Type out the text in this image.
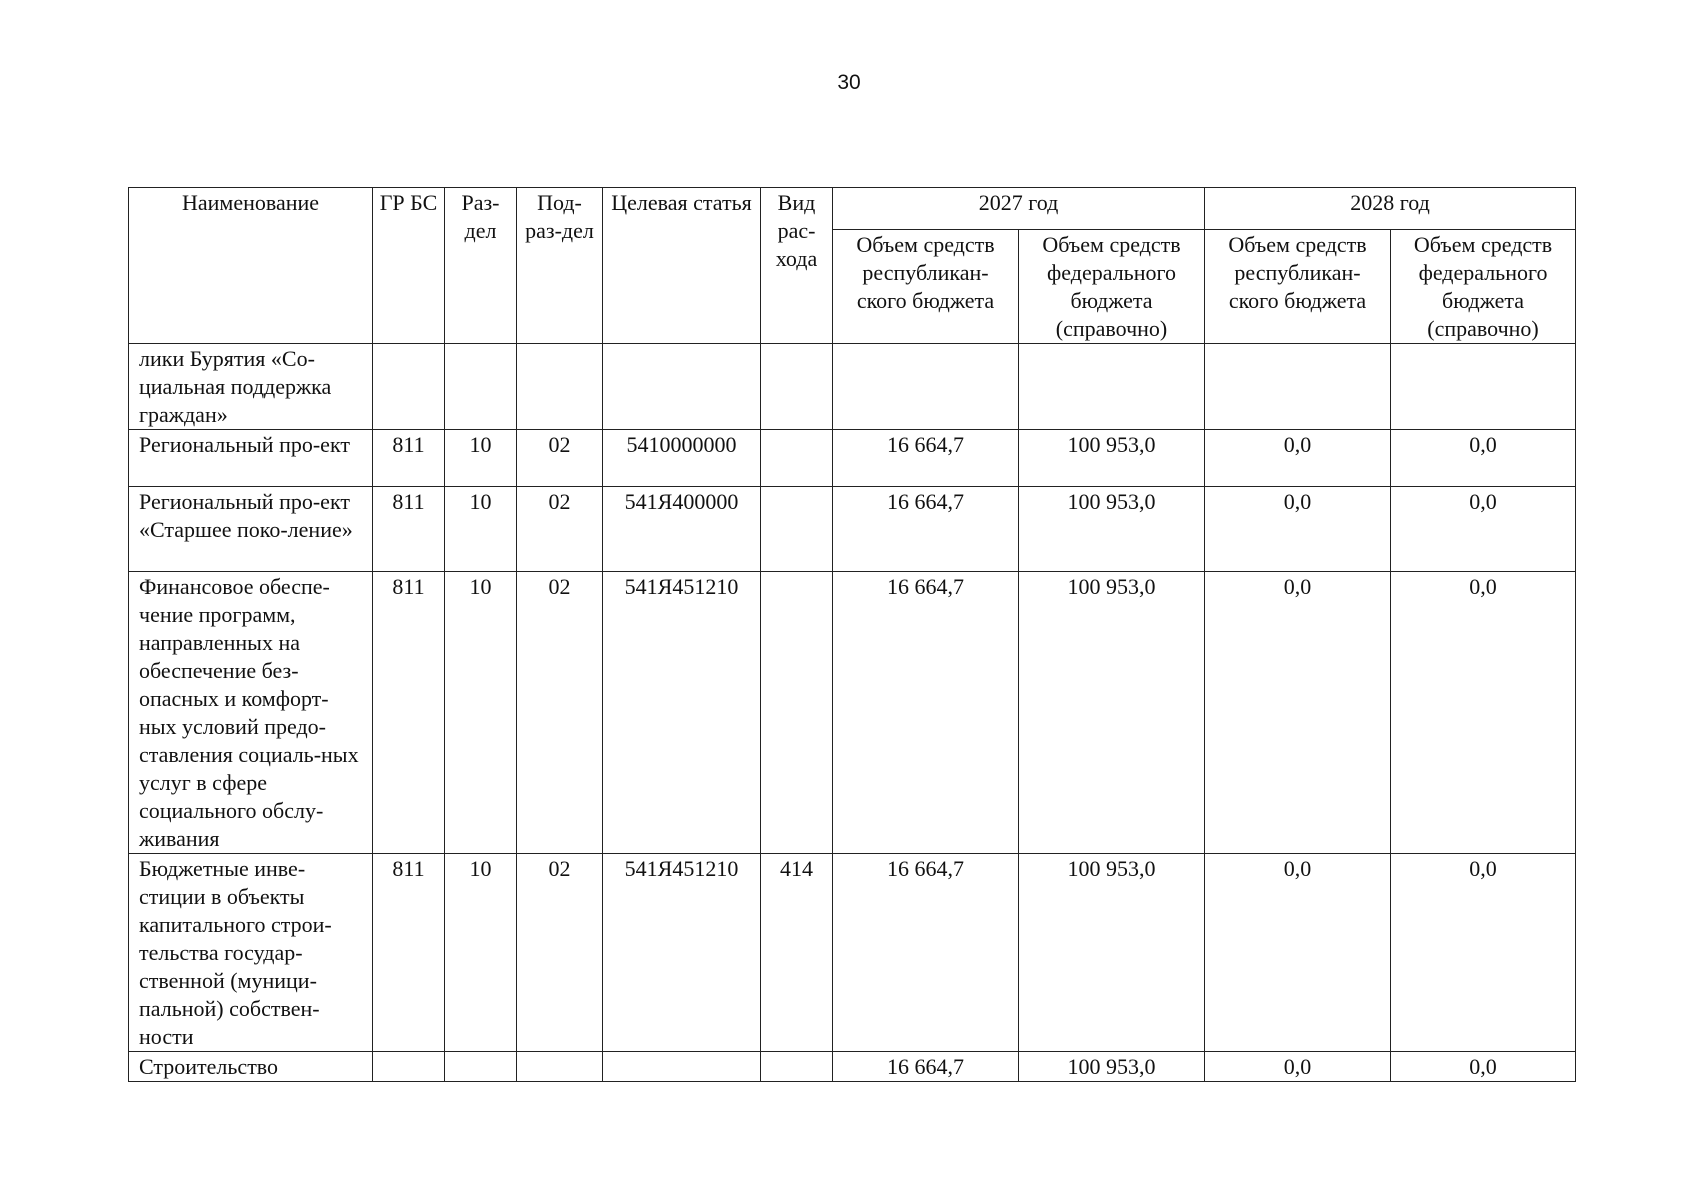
30
Наименование	ГР БС	Раз-дел	Под-раз-дел	Целевая статья	Вид рас-хода	2027 год		2028 год	
						Объем средств республикан-ского бюджета	Объем средств федерального бюджета (справочно)	Объем средств республикан-ского бюджета	Объем средств федерального бюджета (справочно)
лики Бурятия «Со-циальная поддержка граждан»									
Региональный про-ект	811	10	02	5410000000		16 664,7	100 953,0	0,0	0,0
Региональный про-ект «Старшее поко-ление»	811	10	02	541Я400000		16 664,7	100 953,0	0,0	0,0
Финансовое обеспе-чение программ, направленных на обеспечение без-опасных и комфорт-ных условий предо-ставления социаль-ных услуг в сфере социального обслу-живания	811	10	02	541Я451210		16 664,7	100 953,0	0,0	0,0
Бюджетные инве-стиции в объекты капитального строи-тельства государ-ственной (муници-пальной) собствен-ности	811	10	02	541Я451210	414	16 664,7	100 953,0	0,0	0,0
Строительство						16 664,7	100 953,0	0,0	0,0
